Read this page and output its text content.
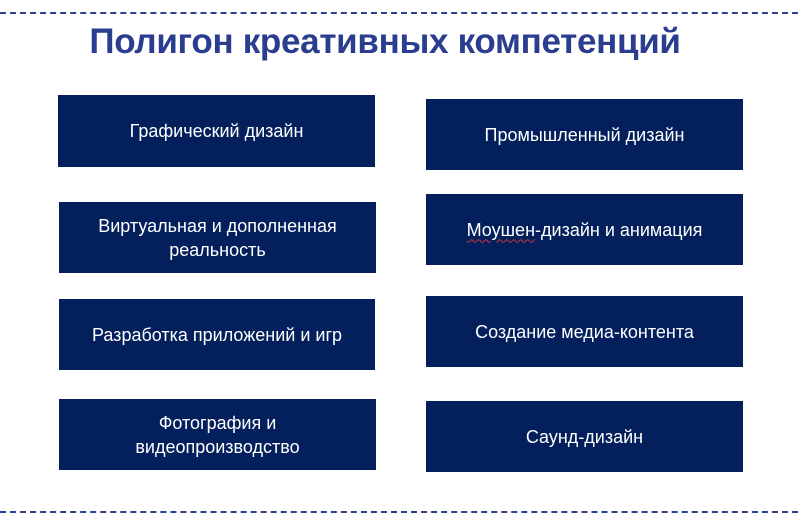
Полигон креативных компетенций
Графический дизайн	Промышленный дизайн
Виртуальная и дополненная реальность
Моушен-дизайн и анимация
Разработка приложений и игр	Создание медиа-контента
Фотография и видеопроизводство	Саунд-дизайн
